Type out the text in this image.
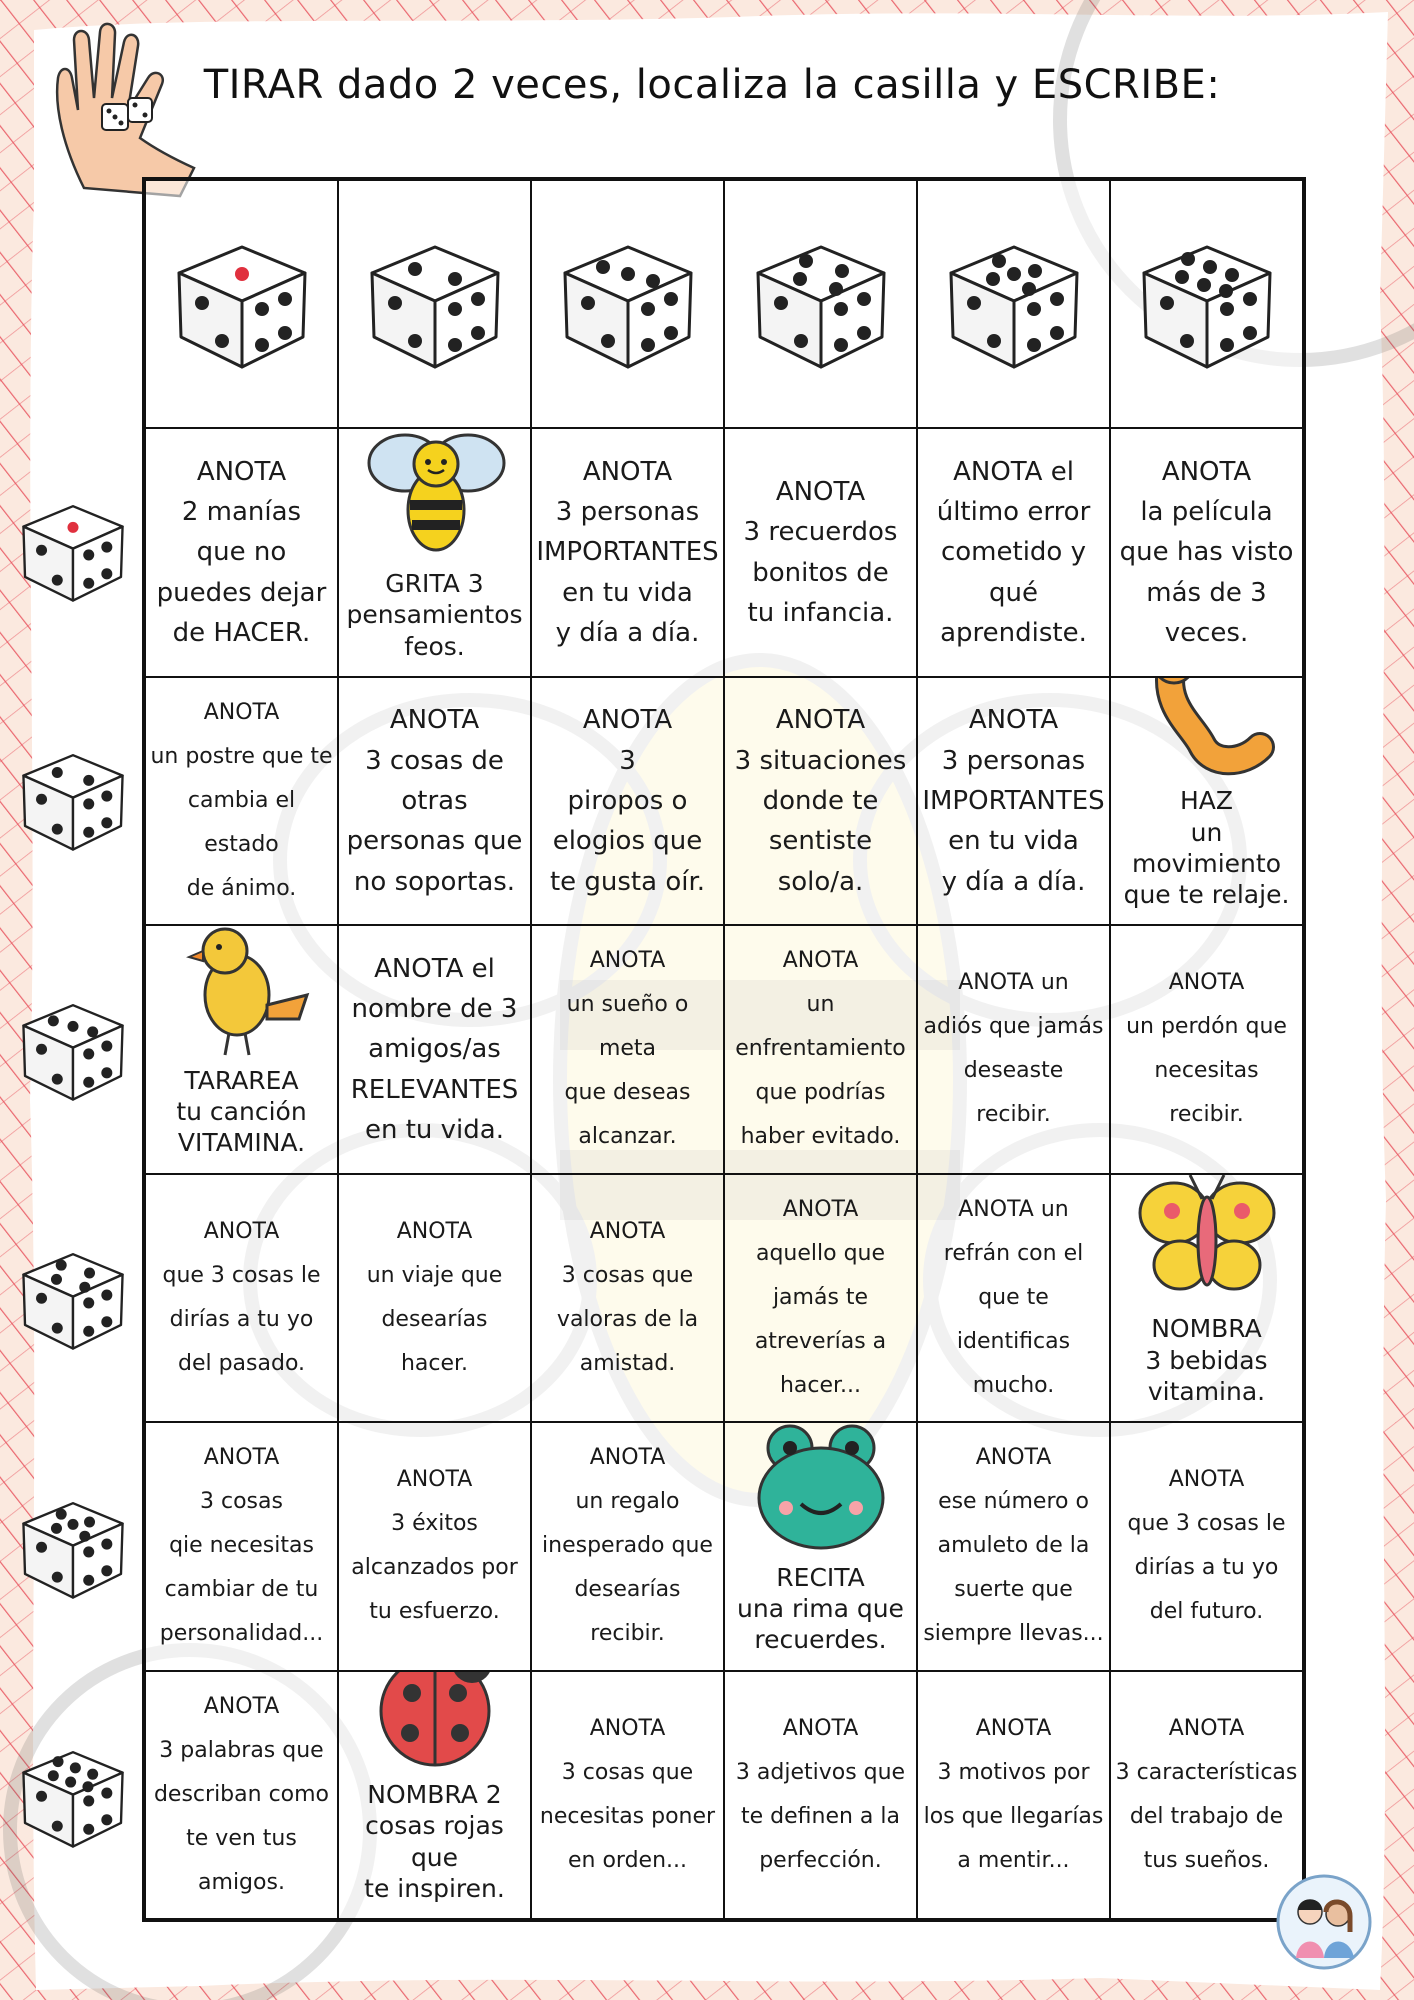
TIRAR dado 2 veces, localiza la casilla y ESCRIBE:
ANOTA
2 manías
que no
puedes dejar
de HACER.
GRITA 3
pensamientos
feos.
ANOTA
3 personas
IMPORTANTES
en tu vida
y día a día.
ANOTA
3 recuerdos
bonitos de
tu infancia.
ANOTA el
último error
cometido y
qué
aprendiste.
ANOTA
la película
que has visto
más de 3
veces.
ANOTA
un postre que te
cambia el estado
de ánimo.
ANOTA
3 cosas de
otras
personas que
no soportas.
ANOTA
3
piropos o
elogios que
te gusta oír.
ANOTA
3 situaciones
donde te
sentiste
solo/a.
ANOTA
3 personas
IMPORTANTES
en tu vida
y día a día.
HAZ
un movimiento
que te relaje.
TARAREA
tu canción
VITAMINA.
ANOTA el
nombre de 3
amigos/as
RELEVANTES
en tu vida.
ANOTA
un sueño o meta
que deseas
alcanzar.
ANOTA
un
enfrentamiento
que podrías
haber evitado.
ANOTA un
adiós que jamás
deseaste
recibir.
ANOTA
un perdón que
necesitas
recibir.
ANOTA
que 3 cosas le
dirías a tu yo
del pasado.
ANOTA
un viaje que
desearías
hacer.
ANOTA
3 cosas que
valoras de la
amistad.
ANOTA
aquello que
jamás te
atreverías a
hacer...
ANOTA un
refrán con el
que te
identificas
mucho.
NOMBRA
3 bebidas
vitamina.
ANOTA
3 cosas
qie necesitas
cambiar de tu
personalidad...
ANOTA
3 éxitos
alcanzados por
tu esfuerzo.
ANOTA
un regalo
inesperado que
desearías
recibir.
RECITA
una rima que
recuerdes.
ANOTA
ese número o
amuleto de la
suerte que
siempre llevas...
ANOTA
que 3 cosas le
dirías a tu yo
del futuro.
ANOTA
3 palabras que
describan como
te ven tus
amigos.
NOMBRA 2
cosas rojas que
te inspiren.
ANOTA
3 cosas que
necesitas poner
en orden...
ANOTA
3 adjetivos que
te definen a la
perfección.
ANOTA
3 motivos por
los que llegarías
a mentir...
ANOTA
3 características
del trabajo de
tus sueños.
